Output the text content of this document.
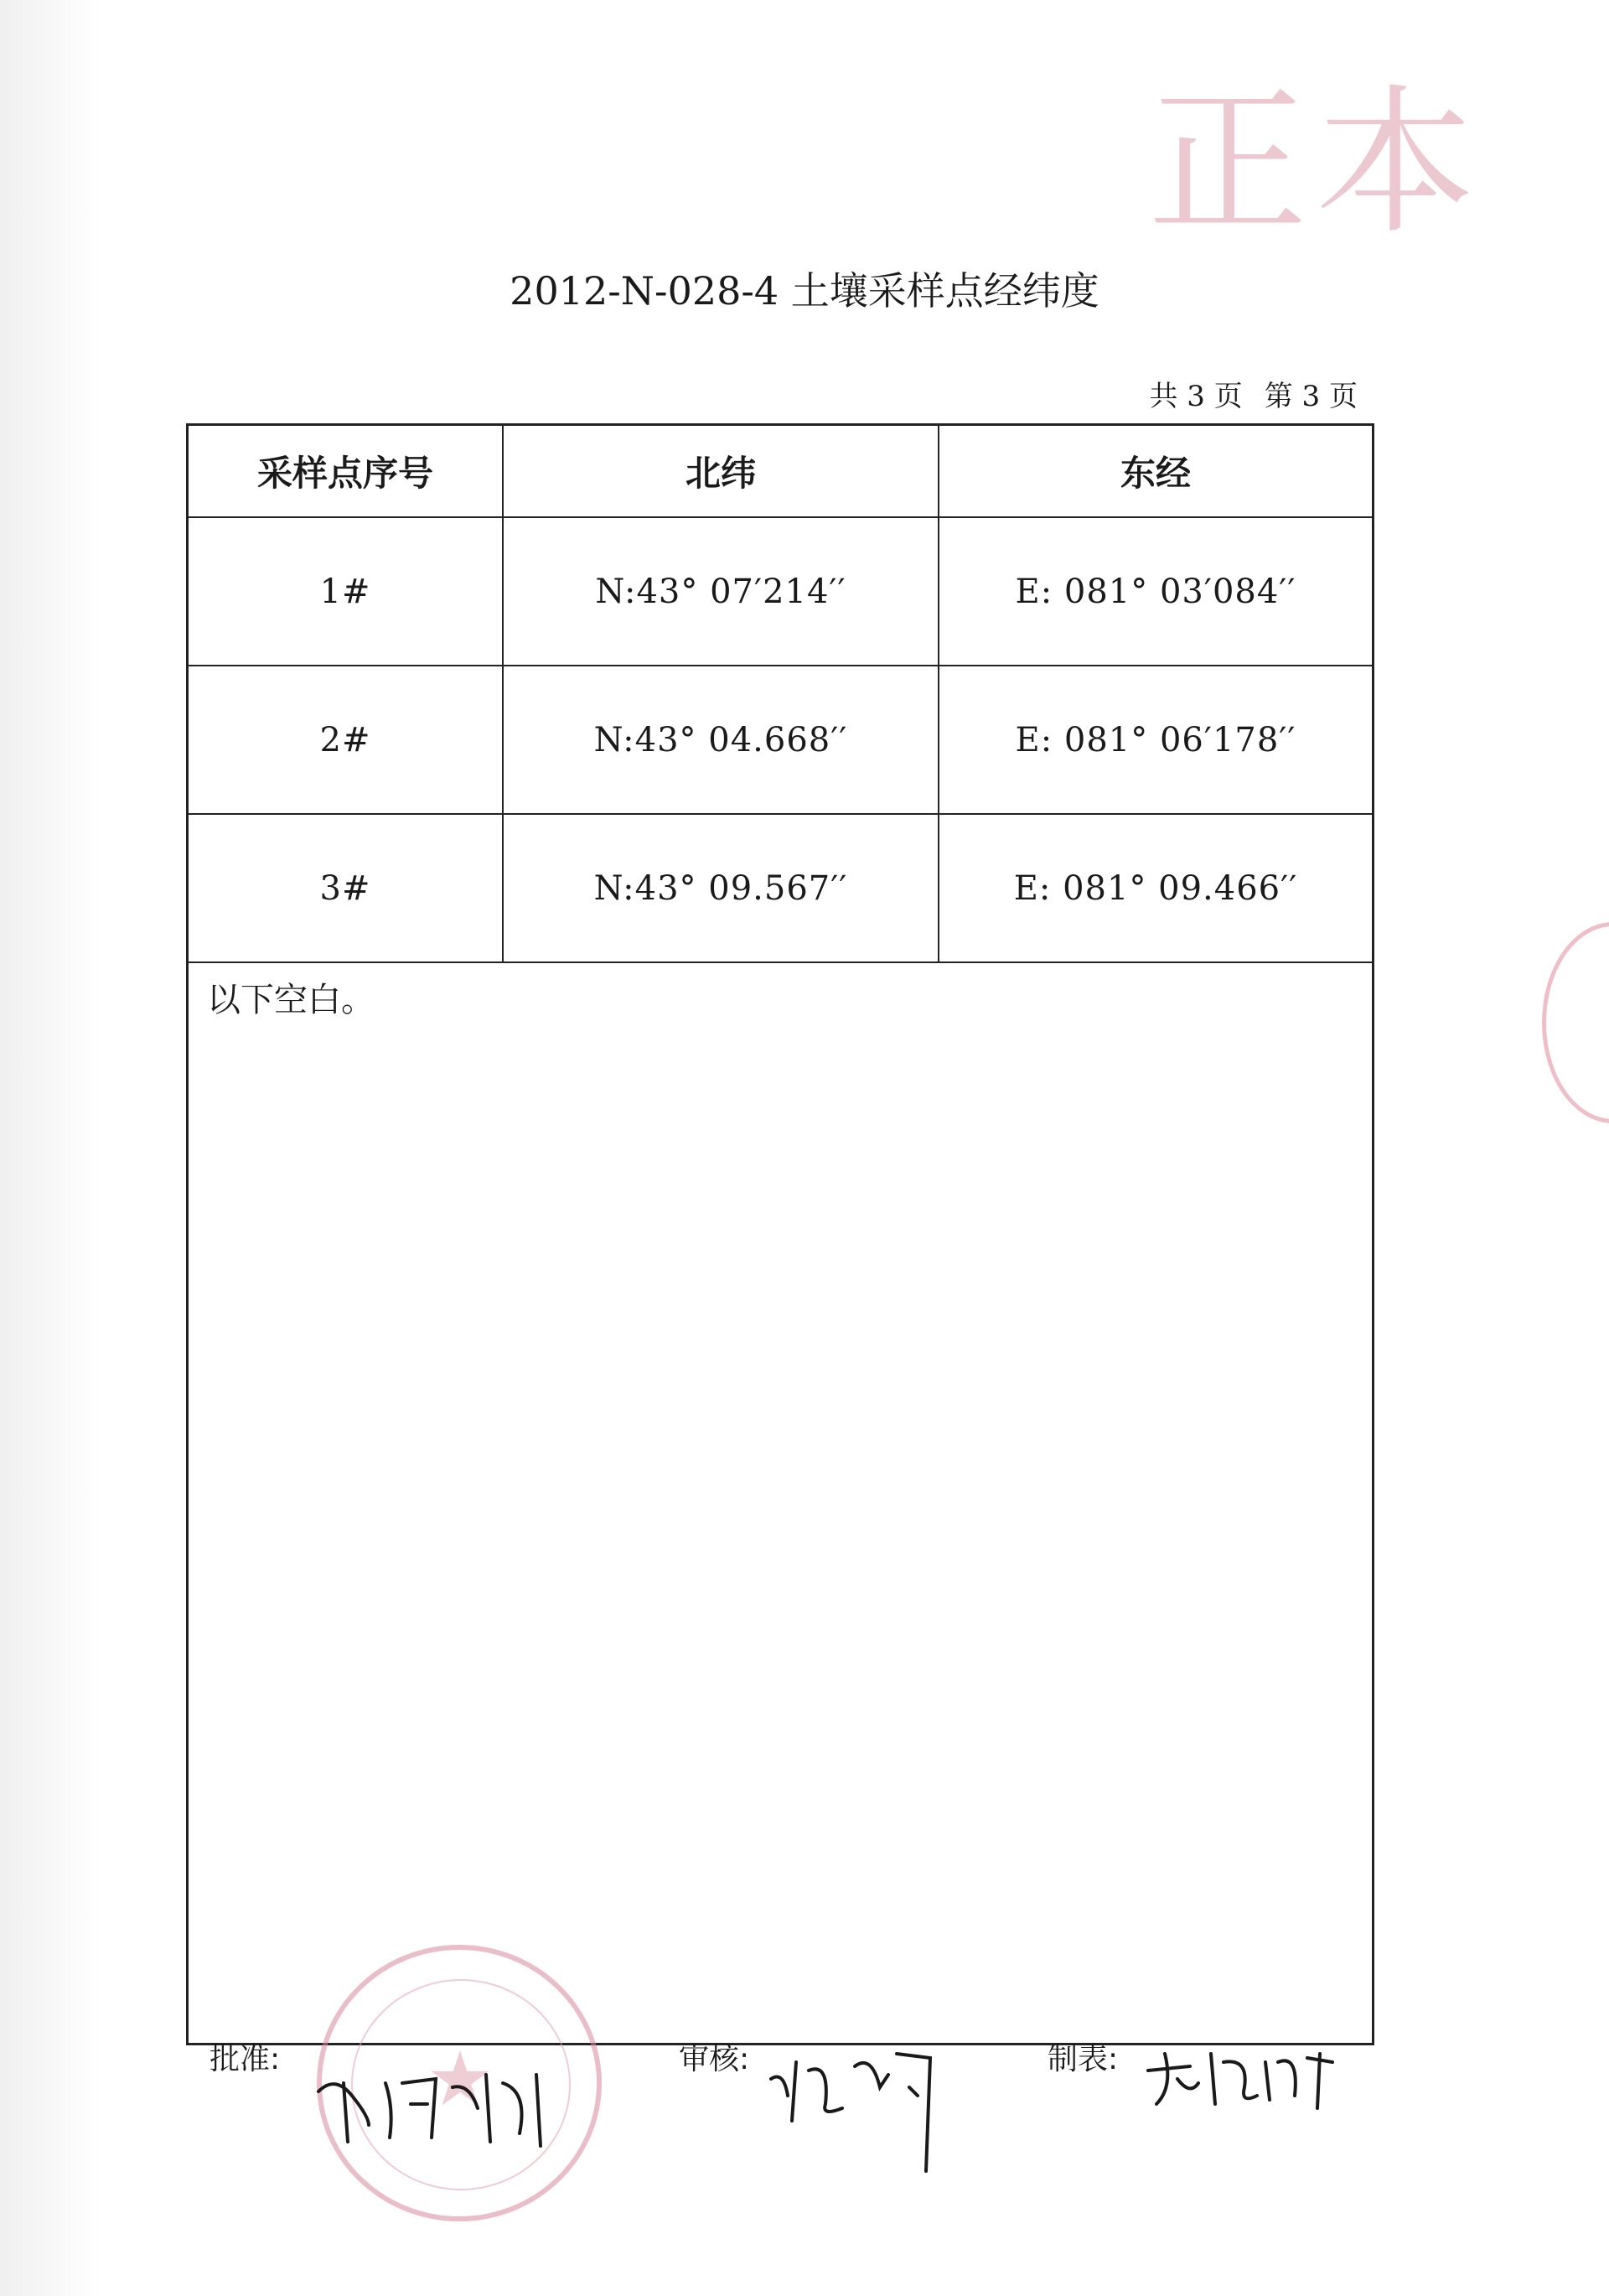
正本
2012-N-028-4 土壤采样点经纬度
共 3 页 第 3 页
采样点序号	北纬	东经
1#	N:43° 07′214′′	E: 081° 03′084′′
2#	N:43° 04.668′′	E: 081° 06′178′′
3#	N:43° 09.567′′	E: 081° 09.466′′
以下空白。
★
批准:	审核:	制表:
